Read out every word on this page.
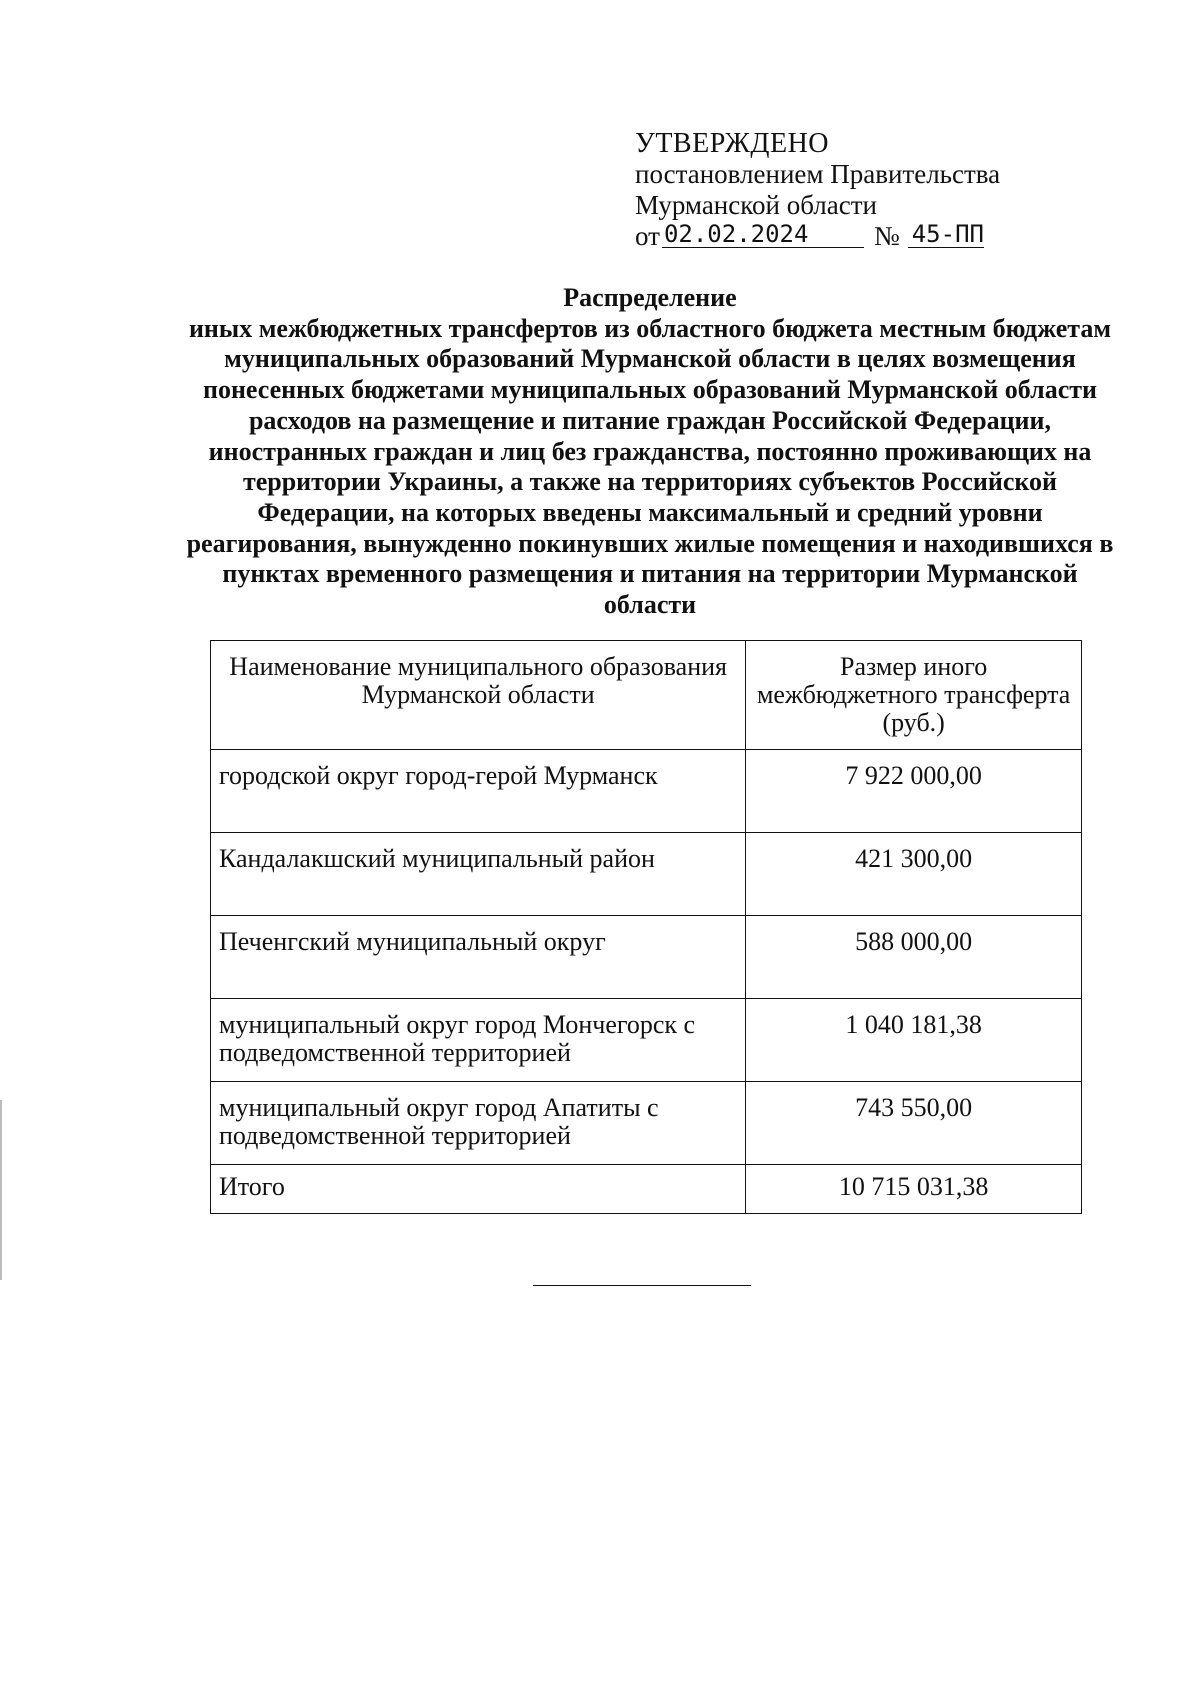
УТВЕРЖДЕНО
постановлением Правительства
Мурманской области
от 02.02.2024	№ 45-ПП
Распределение
иных межбюджетных трансфертов из областного бюджета местным бюджетам муниципальных образований Мурманской области в целях возмещения понесенных бюджетами муниципальных образований Мурманской области расходов на размещение и питание граждан Российской Федерации, иностранных граждан и лиц без гражданства, постоянно проживающих на территории Украины, а также на территориях субъектов Российской Федерации, на которых введены максимальный и средний уровни реагирования, вынужденно покинувших жилые помещения и находившихся в пунктах временного размещения и питания на территории Мурманской области
Наименование муниципального образования Мурманской области	Размер иного межбюджетного трансферта (руб.)
городской округ город-герой Мурманск	7 922 000,00
Кандалакшский муниципальный район	421 300,00
Печенгский муниципальный округ	588 000,00
муниципальный округ город Мончегорск с подведомственной территорией	1 040 181,38
муниципальный округ город Апатиты с подведомственной территорией	743 550,00
Итого	10 715 031,38
